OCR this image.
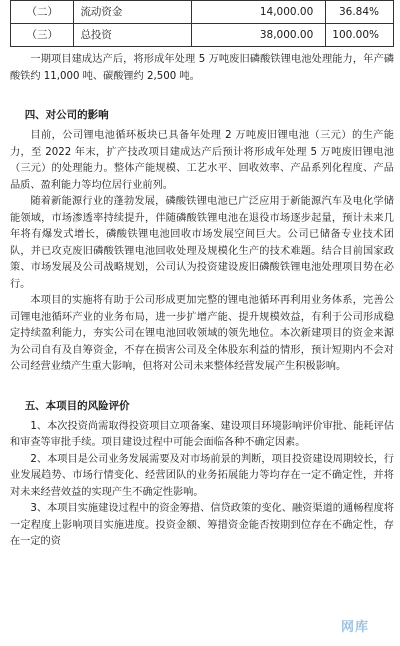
（二）	流动资金	14,000.00	36.84%
（三）	总投资	38,000.00	100.00%

一期项目建成达产后，将形成年处理 5 万吨废旧磷酸铁锂电池处理能力，年产磷酸铁约 11,000 吨、碳酸锂约 2,500 吨。

四、对公司的影响

目前，公司锂电池循环板块已具备年处理 2 万吨废旧锂电池（三元）的生产能力，至 2022 年末，扩产技改项目建成达产后预计将形成年处理 5 万吨废旧锂电池（三元）的处理能力。整体产能规模、工艺水平、回收效率、产品系列化程度、产品品质、盈利能力等均位居行业前列。

随着新能源行业的蓬勃发展，磷酸铁锂电池已广泛应用于新能源汽车及电化学储能领域，市场渗透率持续提升，伴随磷酸铁锂电池在退役市场逐步起量，预计未来几年将有爆发式增长，磷酸铁锂电池回收市场发展空间巨大。公司已储备专业技术团队，并已攻克废旧磷酸铁锂电池回收处理及规模化生产的技术难题。结合目前国家政策、市场发展及公司战略规划，公司认为投资建设废旧磷酸铁锂电池处理项目势在必行。

本项目的实施将有助于公司形成更加完整的锂电池循环再利用业务体系，完善公司锂电池循环产业的业务布局，进一步扩增产能、提升规模效益，有利于公司形成稳定持续盈利能力，夯实公司在锂电池回收领域的领先地位。本次新建项目的资金来源为公司自有及自筹资金，不存在损害公司及全体股东利益的情形，预计短期内不会对公司经营业绩产生重大影响，但将对公司未来整体经营发展产生积极影响。

五、本项目的风险评价

1、本次投资尚需取得投资项目立项备案、建设项目环境影响评价审批、能耗评估和审查等审批手续。项目建设过程中可能会面临各种不确定因素。

2、本项目是公司业务发展需要及对市场前景的判断，项目投资建设周期较长，行业发展趋势、市场行情变化、经营团队的业务拓展能力等均存在一定不确定性，并将对未来经营效益的实现产生不确定性影响。

3、本项目实施建设过程中的资金筹措、信贷政策的变化、融资渠道的通畅程度将一定程度上影响项目实施进度。投资金额、筹措资金能否按期到位存在不确定性，存在一定的资

网库
